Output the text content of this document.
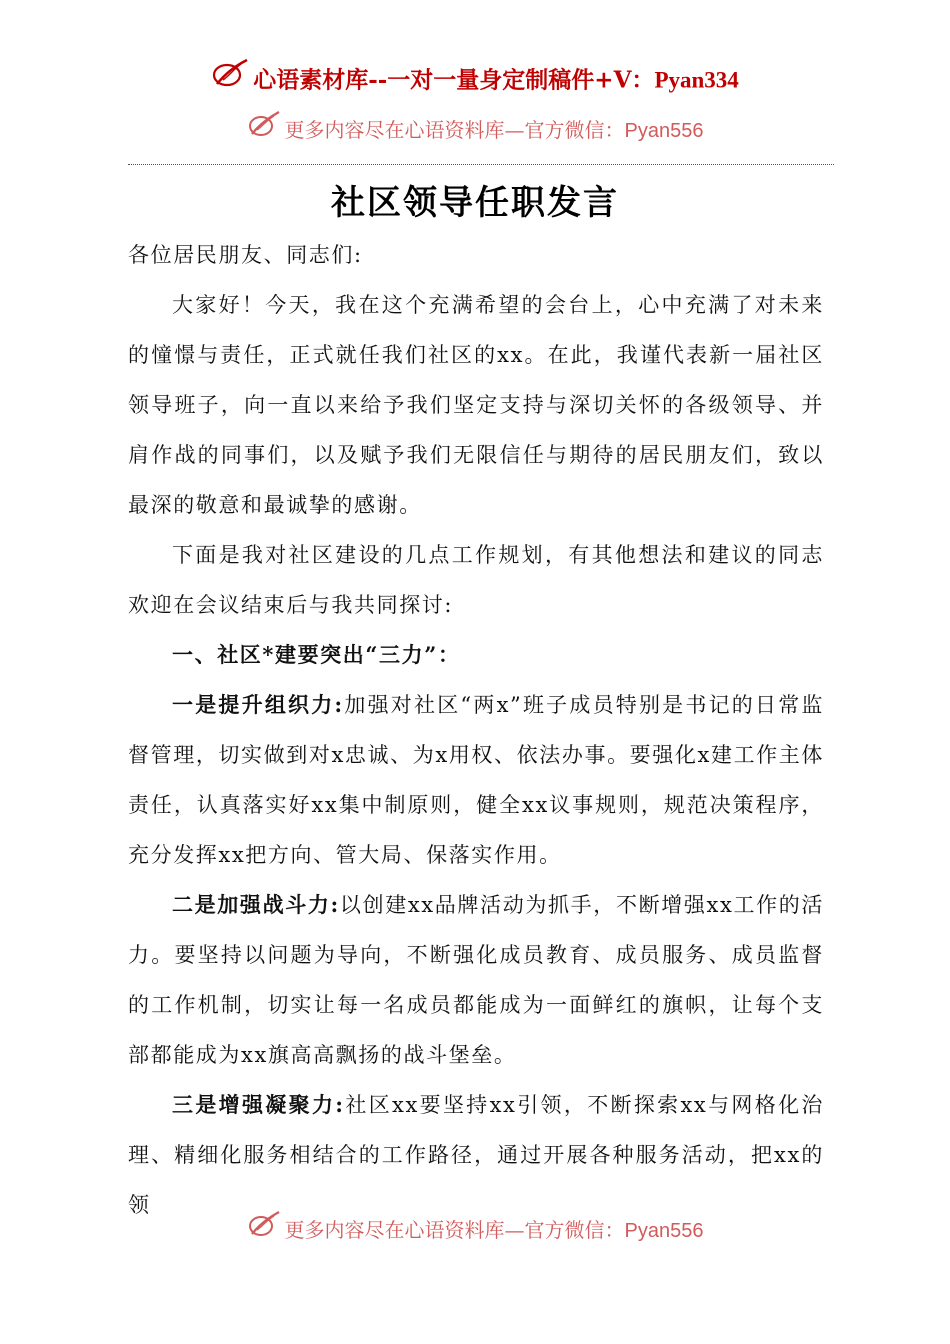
心语素材库--一对一量身定制稿件+V：Pyan334
更多内容尽在心语资料库—官方微信：Pyan556
社区领导任职发言

各位居民朋友、同志们:

大家好！今天，我在这个充满希望的会台上，心中充满了对未来的憧憬与责任，正式就任我们社区的xx。在此，我谨代表新一届社区领导班子，向一直以来给予我们坚定支持与深切关怀的各级领导、并肩作战的同事们，以及赋予我们无限信任与期待的居民朋友们，致以最深的敬意和最诚挚的感谢。

下面是我对社区建设的几点工作规划，有其他想法和建议的同志欢迎在会议结束后与我共同探讨:

一、社区*建要突出“三力”：

一是提升组织力:加强对社区“两x”班子成员特别是书记的日常监督管理，切实做到对x忠诚、为x用权、依法办事。要强化x建工作主体责任，认真落实好xx集中制原则，健全xx议事规则，规范决策程序，充分发挥xx把方向、管大局、保落实作用。

二是加强战斗力:以创建xx品牌活动为抓手，不断增强xx工作的活力。要坚持以问题为导向，不断强化成员教育、成员服务、成员监督的工作机制，切实让每一名成员都能成为一面鲜红的旗帜，让每个支部都能成为xx旗高高飘扬的战斗堡垒。

三是增强凝聚力:社区xx要坚持xx引领，不断探索xx与网格化治理、精细化服务相结合的工作路径，通过开展各种服务活动，把xx的领

更多内容尽在心语资料库—官方微信：Pyan556
